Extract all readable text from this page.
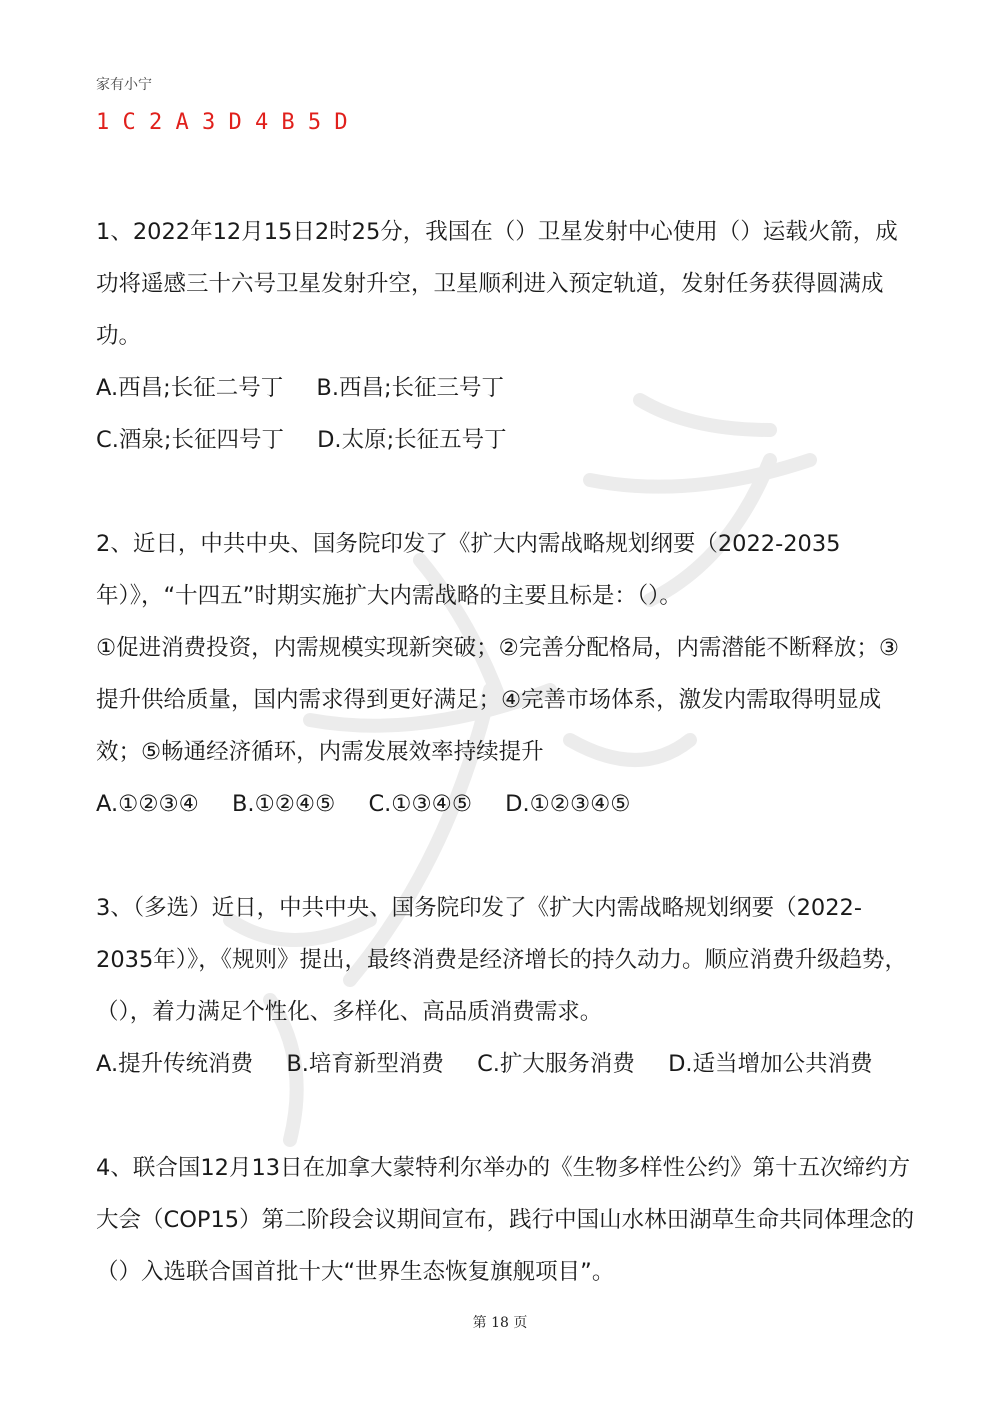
家有小宁
1 C 2 A 3 D 4 B 5 D

1、2022年12月15日2时25分，我国在（）卫星发射中心使用（）运载火箭，成功将遥感三十六号卫星发射升空，卫星顺利进入预定轨道，发射任务获得圆满成功。

A.西昌;长征二号丁 B.西昌;长征三号丁

C.酒泉;长征四号丁 D.太原;长征五号丁

2、近日，中共中央、国务院印发了《扩大内需战略规划纲要（2022-2035年）》，“十四五”时期实施扩大内需战略的主要且标是：（）。

①促进消费投资，内需规模实现新突破；②完善分配格局，内需潜能不断释放；③提升供给质量，国内需求得到更好满足；④完善市场体系，激发内需取得明显成效；⑤畅通经济循环，内需发展效率持续提升

A.①②③④ B.①②④⑤ C.①③④⑤ D.①②③④⑤

3、（多选）近日，中共中央、国务院印发了《扩大内需战略规划纲要（2022-2035年）》，《规则》提出，最终消费是经济增长的持久动力。顺应消费升级趋势，（），着力满足个性化、多样化、高品质消费需求。

A.提升传统消费 B.培育新型消费 C.扩大服务消费 D.适当增加公共消费

4、联合国12月13日在加拿大蒙特利尔举办的《生物多样性公约》第十五次缔约方大会（COP15）第二阶段会议期间宣布，践行中国山水林田湖草生命共同体理念的（）入选联合国首批十大“世界生态恢复旗舰项目”。

第 18 页
